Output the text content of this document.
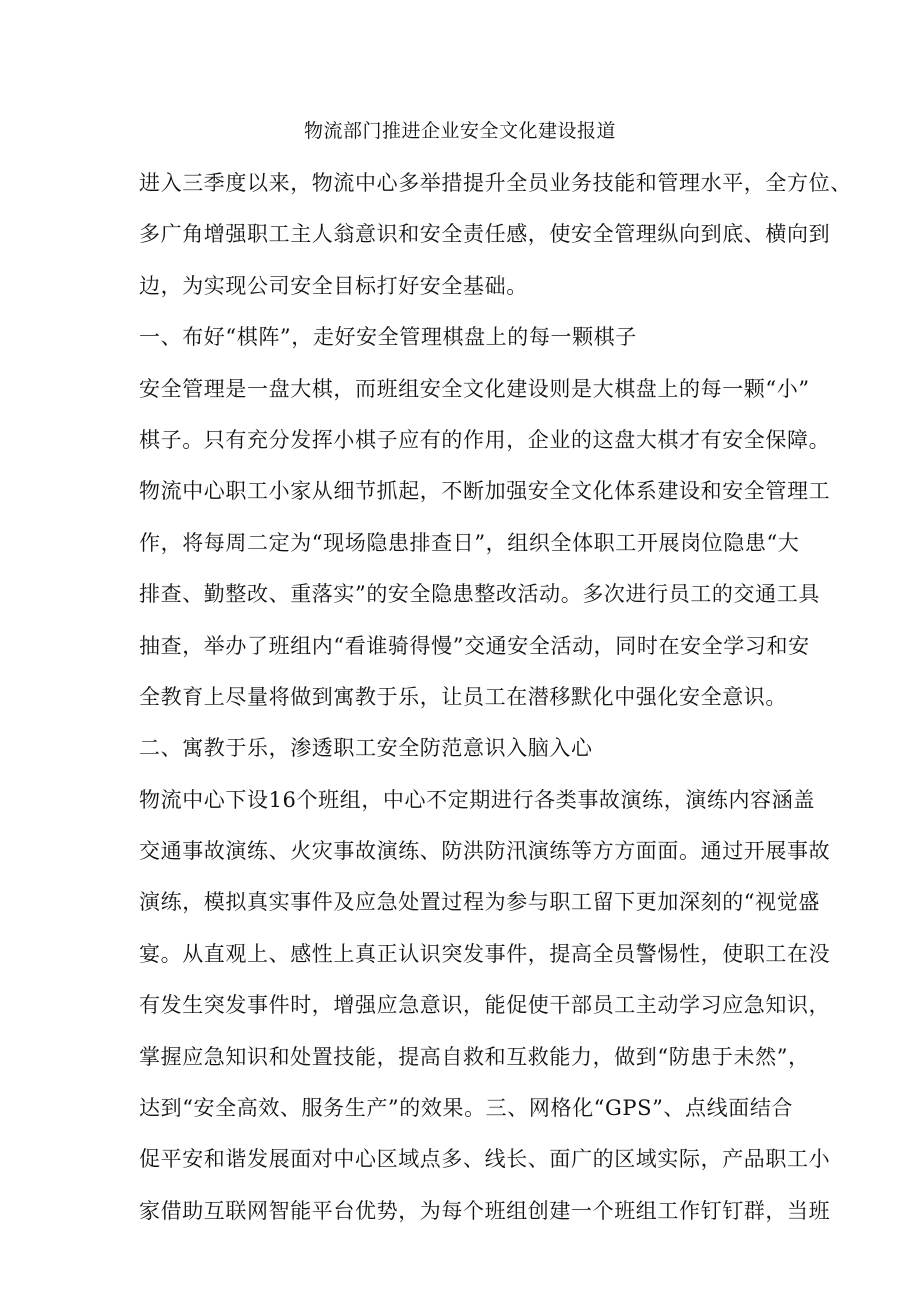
物流部门推进企业安全文化建设报道
进入三季度以来，物流中心多举措提升全员业务技能和管理水平，全方位、
多广角增强职工主人翁意识和安全责任感，使安全管理纵向到底、横向到
边，为实现公司安全目标打好安全基础。
一、布好“棋阵”，走好安全管理棋盘上的每一颗棋子
安全管理是一盘大棋，而班组安全文化建设则是大棋盘上的每一颗“小”
棋子。只有充分发挥小棋子应有的作用，企业的这盘大棋才有安全保障。
物流中心职工小家从细节抓起，不断加强安全文化体系建设和安全管理工
作，将每周二定为“现场隐患排查日”，组织全体职工开展岗位隐患“大
排查、勤整改、重落实”的安全隐患整改活动。多次进行员工的交通工具
抽查，举办了班组内“看谁骑得慢”交通安全活动，同时在安全学习和安
全教育上尽量将做到寓教于乐，让员工在潜移默化中强化安全意识。
二、寓教于乐，渗透职工安全防范意识入脑入心
物流中心下设16个班组，中心不定期进行各类事故演练，演练内容涵盖
交通事故演练、火灾事故演练、防洪防汛演练等方方面面。通过开展事故
演练，模拟真实事件及应急处置过程为参与职工留下更加深刻的“视觉盛
宴。从直观上、感性上真正认识突发事件，提高全员警惕性，使职工在没
有发生突发事件时，增强应急意识，能促使干部员工主动学习应急知识，
掌握应急知识和处置技能，提高自救和互救能力，做到“防患于未然”，
达到“安全高效、服务生产”的效果。三、网格化“GPS”、点线面结合
促平安和谐发展面对中心区域点多、线长、面广的区域实际，产品职工小
家借助互联网智能平台优势，为每个班组创建一个班组工作钉钉群，当班
